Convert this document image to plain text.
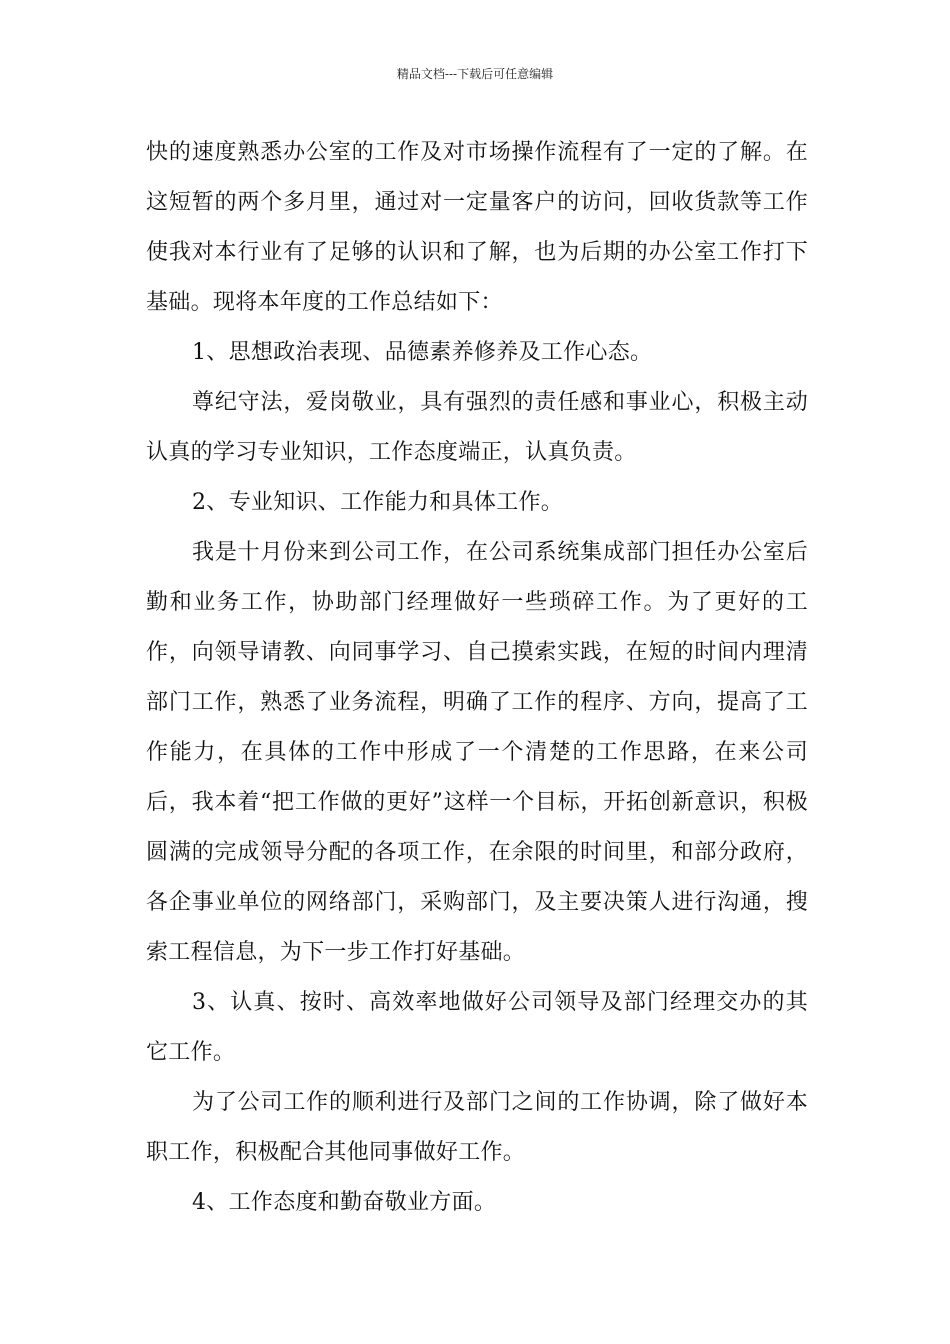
精品文档---下载后可任意编辑

快的速度熟悉办公室的工作及对市场操作流程有了一定的了解。在这短暂的两个多月里，通过对一定量客户的访问，回收货款等工作使我对本行业有了足够的认识和了解，也为后期的办公室工作打下基础。现将本年度的工作总结如下：

1、思想政治表现、品德素养修养及工作心态。

尊纪守法，爱岗敬业，具有强烈的责任感和事业心，积极主动认真的学习专业知识，工作态度端正，认真负责。

2、专业知识、工作能力和具体工作。

我是十月份来到公司工作，在公司系统集成部门担任办公室后勤和业务工作，协助部门经理做好一些琐碎工作。为了更好的工作，向领导请教、向同事学习、自己摸索实践，在短的时间内理清部门工作，熟悉了业务流程，明确了工作的程序、方向，提高了工作能力，在具体的工作中形成了一个清楚的工作思路，在来公司后，我本着“把工作做的更好”这样一个目标，开拓创新意识，积极圆满的完成领导分配的各项工作，在余限的时间里，和部分政府，各企事业单位的网络部门，采购部门，及主要决策人进行沟通，搜索工程信息，为下一步工作打好基础。

3、认真、按时、高效率地做好公司领导及部门经理交办的其它工作。

为了公司工作的顺利进行及部门之间的工作协调，除了做好本职工作，积极配合其他同事做好工作。

4、工作态度和勤奋敬业方面。
